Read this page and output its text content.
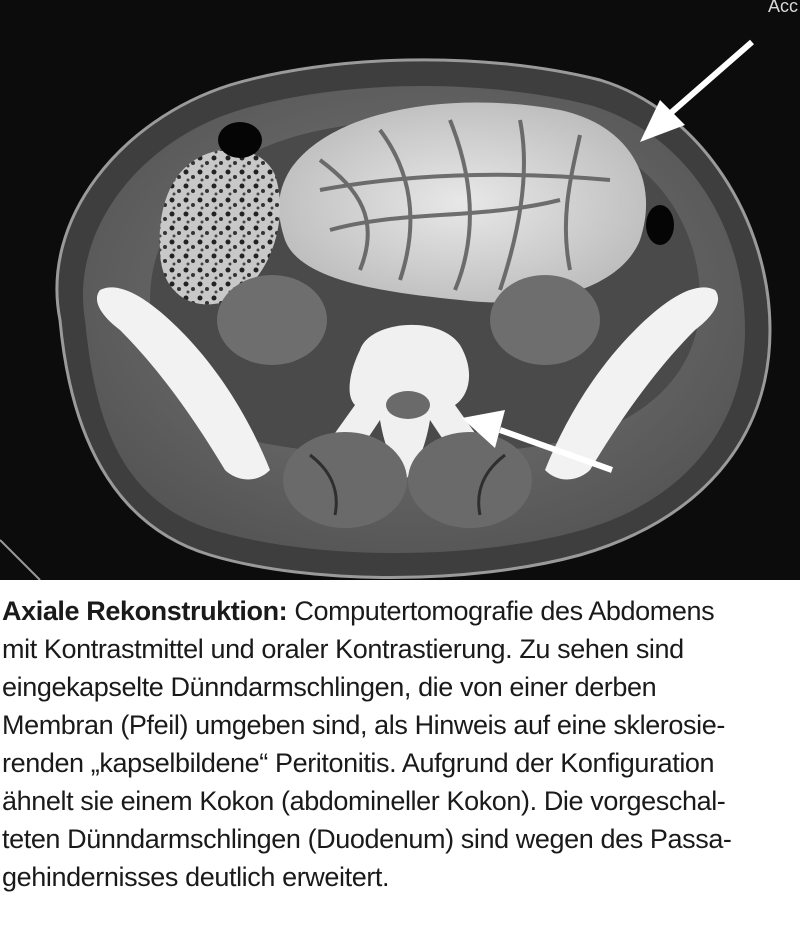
Acc
Axiale Rekonstruktion: Computertomografie des Abdomens
mit Kontrastmittel und oraler Kontrastierung. Zu sehen sind
eingekapselte Dünndarmschlingen, die von einer derben
Membran (Pfeil) umgeben sind, als Hinweis auf eine sklerosie-
renden „kapselbildene“ Peritonitis. Aufgrund der Konfiguration
ähnelt sie einem Kokon (abdomineller Kokon). Die vorgeschal-
teten Dünndarmschlingen (Duodenum) sind wegen des Passa-
gehindernisses deutlich erweitert.
